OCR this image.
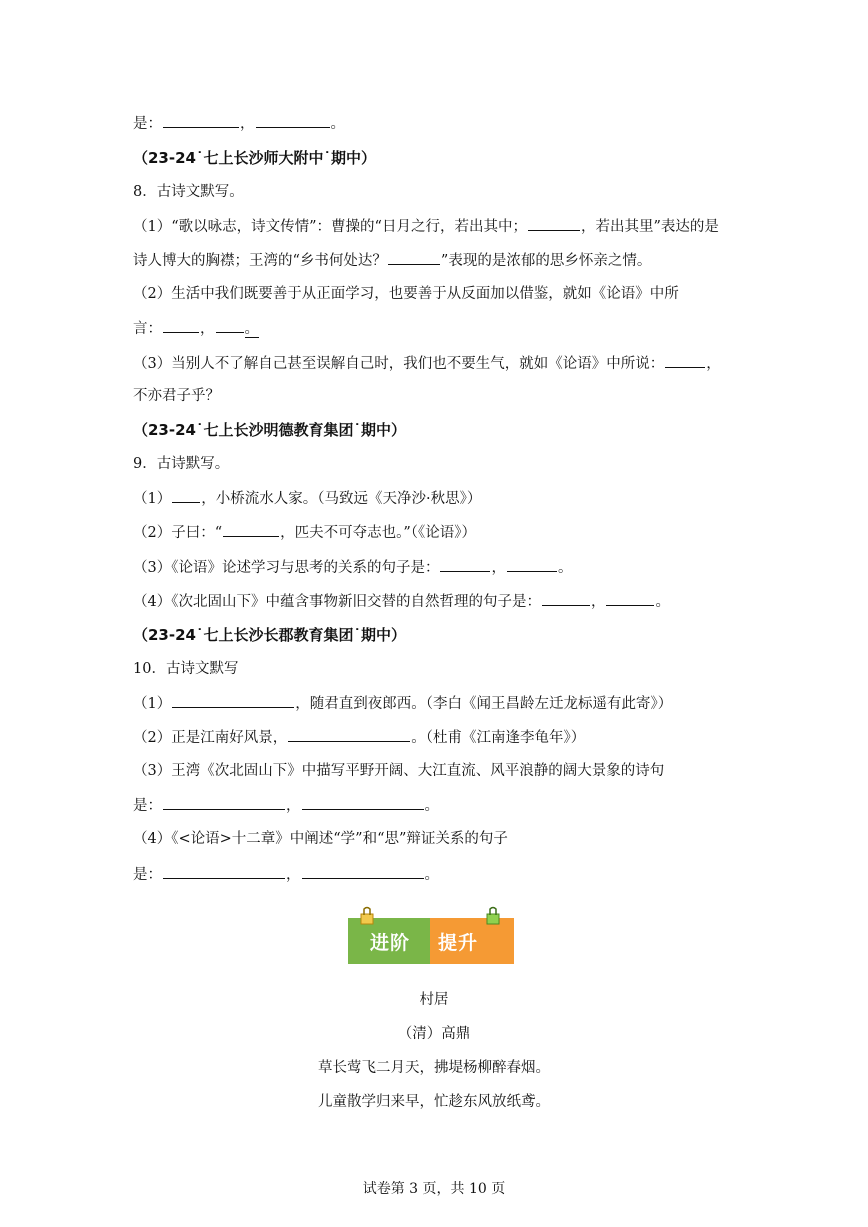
是：	，	。
（23-24˙七上长沙师大附中˙期中）
8．古诗文默写。
（1）“歌以咏志，诗文传情”：曹操的“日月之行，若出其中；	，若出其里”表达的是
诗人博大的胸襟；王湾的“乡书何处达？	”表现的是浓郁的思乡怀亲之情。
（2）生活中我们既要善于从正面学习，也要善于从反面加以借鉴，就如《论语》中所
言：	， 。
（3）当别人不了解自己甚至误解自己时，我们也不要生气，就如《论语》中所说：	，
不亦君子乎？
（23-24˙七上长沙明德教育集团˙期中）
9．古诗默写。
（1） ，小桥流水人家。（马致远《天净沙·秋思》）
（2）子曰：“	，匹夫不可夺志也。”（《论语》）
（3）《论语》论述学习与思考的关系的句子是：	，	。
（4）《次北固山下》中蕴含事物新旧交替的自然哲理的句子是：	，	。
（23-24˙七上长沙长郡教育集团˙期中）
10．古诗文默写
（1）	，随君直到夜郎西。（李白《闻王昌龄左迁龙标遥有此寄》）
（2）正是江南好风景，	。（杜甫《江南逢李龟年》）
（3）王湾《次北固山下》中描写平野开阔、大江直流、风平浪静的阔大景象的诗句
是：	，	。
（4）《<论语>十二章》中阐述“学”和“思”辩证关系的句子
是：	，	。
进阶 提升
村居
（清）高鼎
草长莺飞二月天，拂堤杨柳醉春烟。
儿童散学归来早，忙趁东风放纸鸢。
试卷第 3 页，共 10 页
